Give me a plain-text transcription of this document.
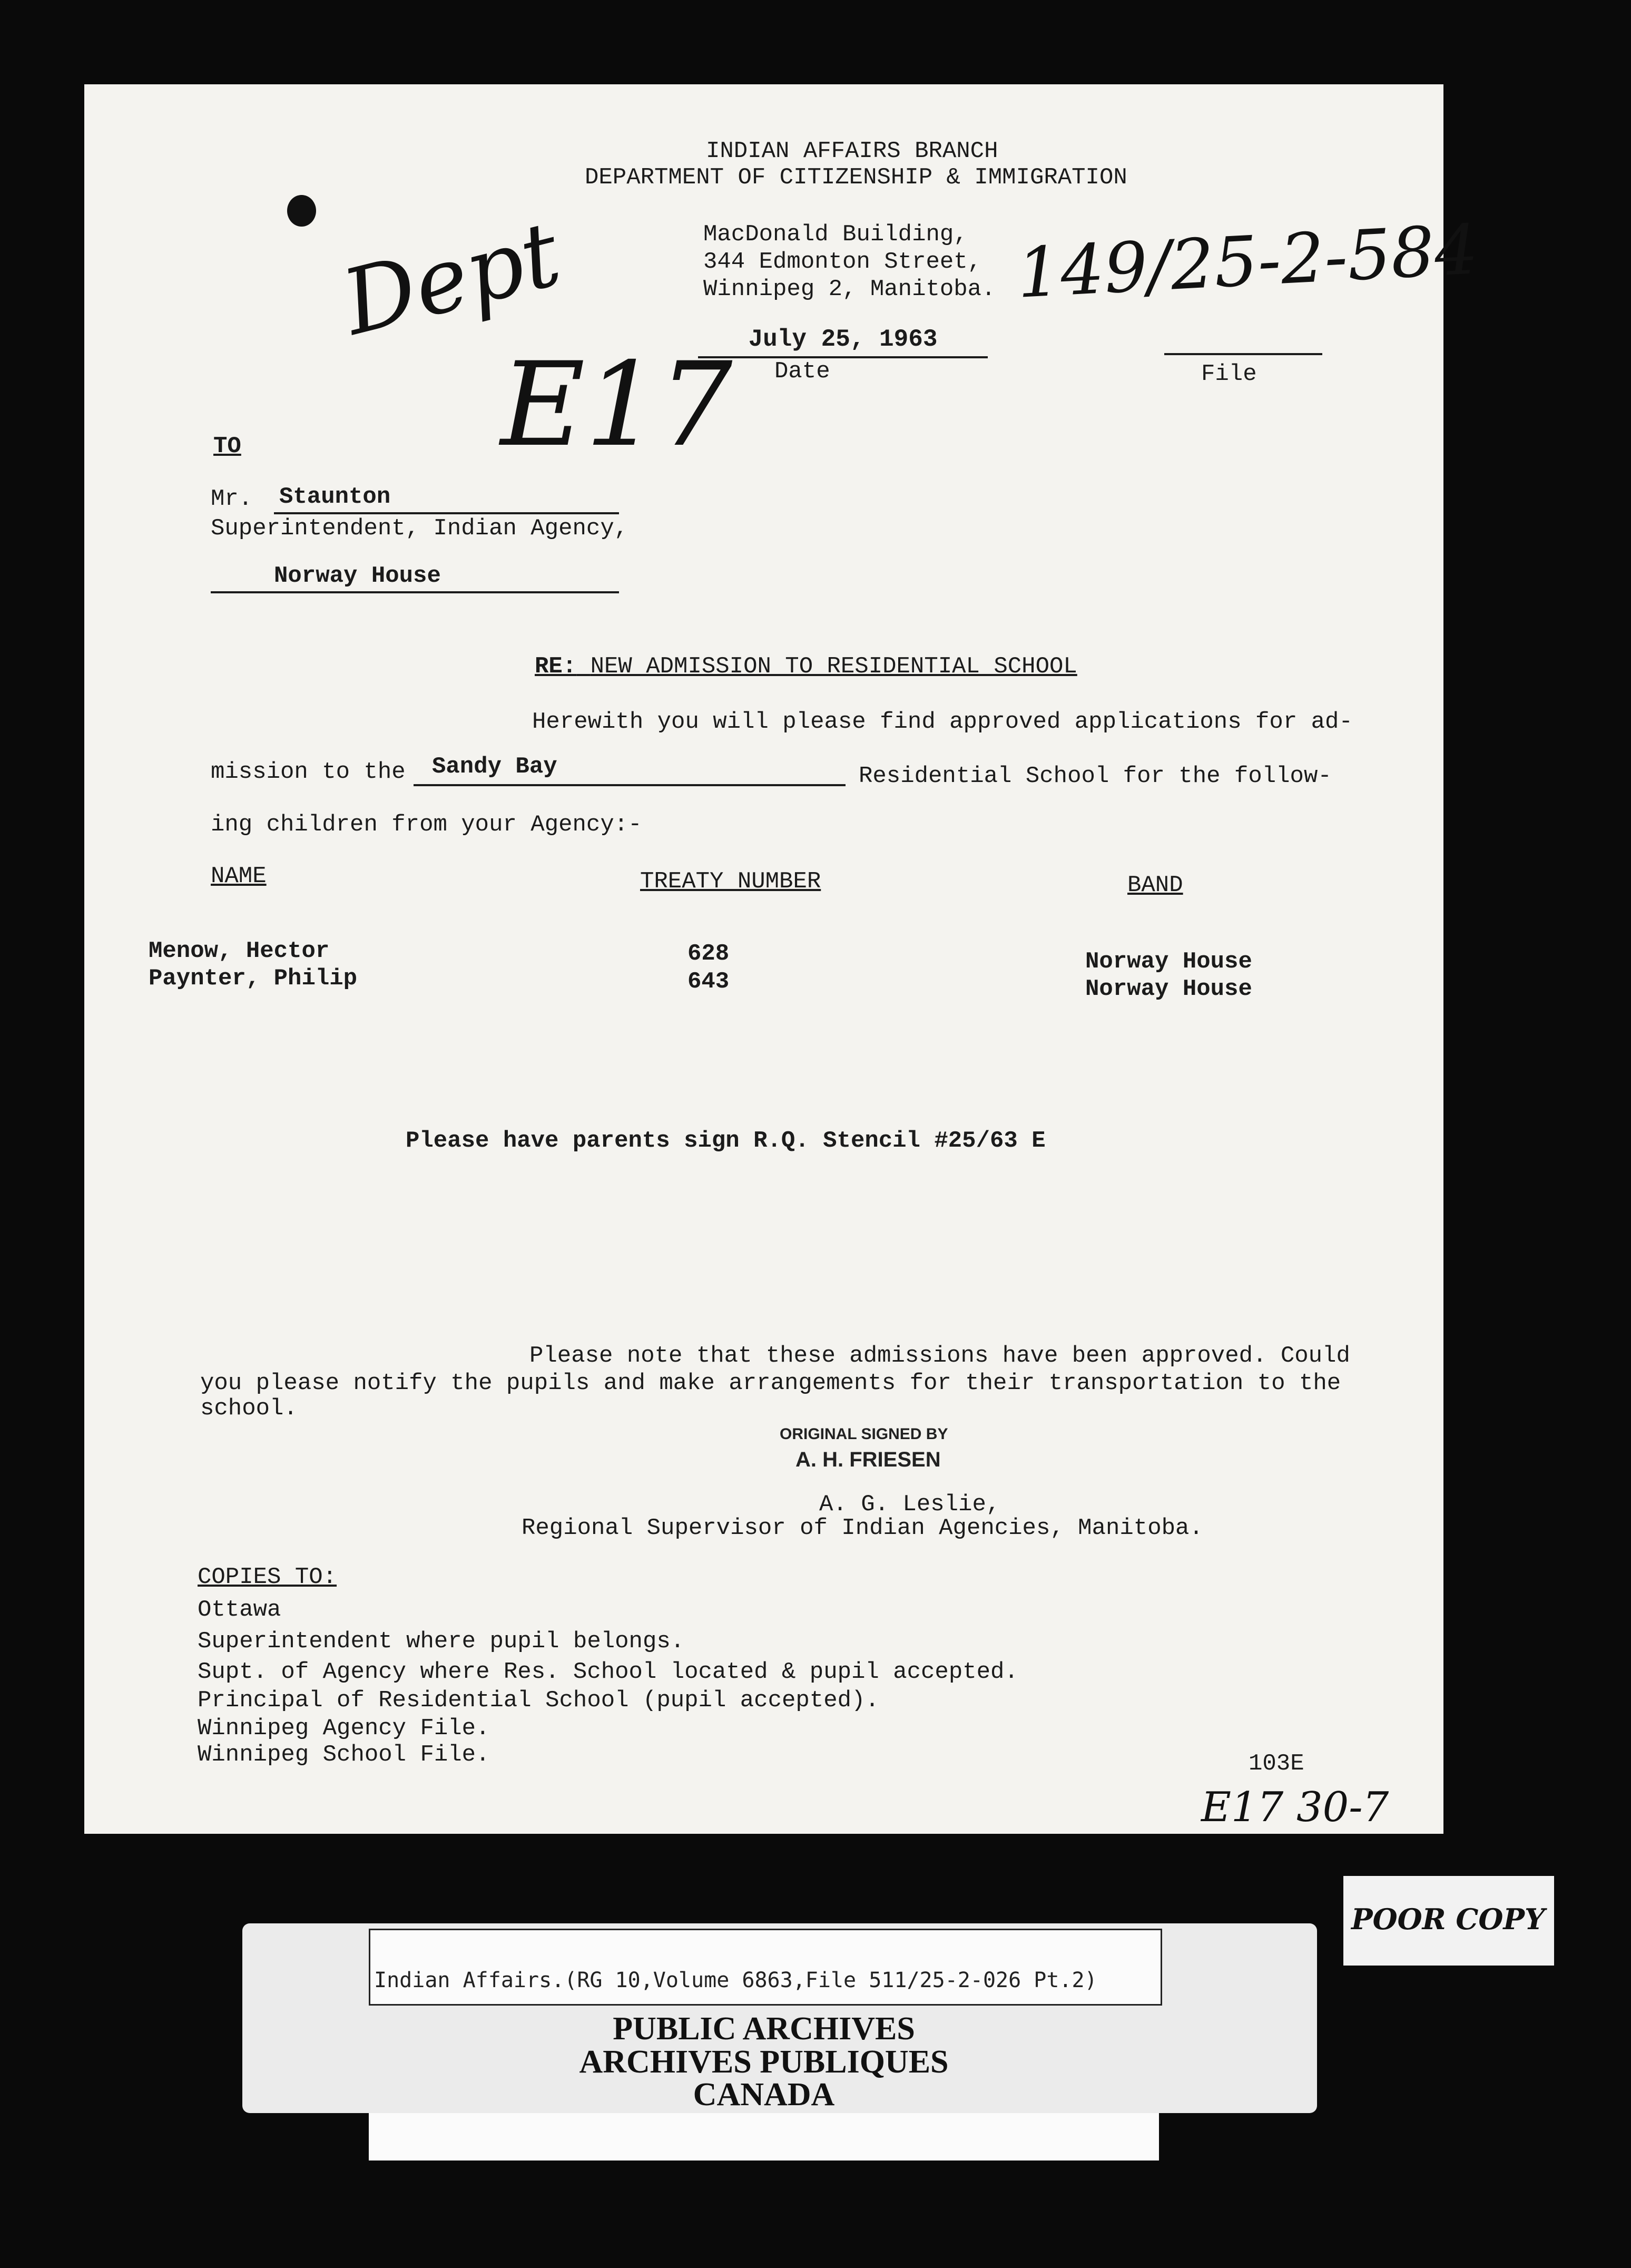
INDIAN AFFAIRS BRANCH
DEPARTMENT OF CITIZENSHIP & IMMIGRATION
MacDonald Building,
344 Edmonton Street,
Winnipeg 2, Manitoba.
Dept
E17
149/25-2-584
July 25, 1963
Date	File
TO
Mr. Staunton
Superintendent, Indian Agency,
Norway House
RE: NEW ADMISSION TO RESIDENTIAL SCHOOL
Herewith you will please find approved applications for ad-
mission to the Sandy Bay	Residential School for the follow-
ing children from your Agency:-
NAME	TREATY NUMBER	BAND
Menow, Hector	628	Norway House
Paynter, Philip	643	Norway House
Please have parents sign R.Q. Stencil #25/63 E
Please note that these admissions have been approved. Could
you please notify the pupils and make arrangements for their transportation to the
school.
ORIGINAL SIGNED BY
A. H. FRIESEN
A. G. Leslie,
Regional Supervisor of Indian Agencies, Manitoba.
COPIES TO:
Ottawa
Superintendent where pupil belongs.
Supt. of Agency where Res. School located & pupil accepted.
Principal of Residential School (pupil accepted).
Winnipeg Agency File.
Winnipeg School File.	103E
E17 30-7
POOR COPY
Indian Affairs.(RG 10,Volume 6863,File 511/25-2-026 Pt.2)
PUBLIC ARCHIVES
ARCHIVES PUBLIQUES
CANADA
